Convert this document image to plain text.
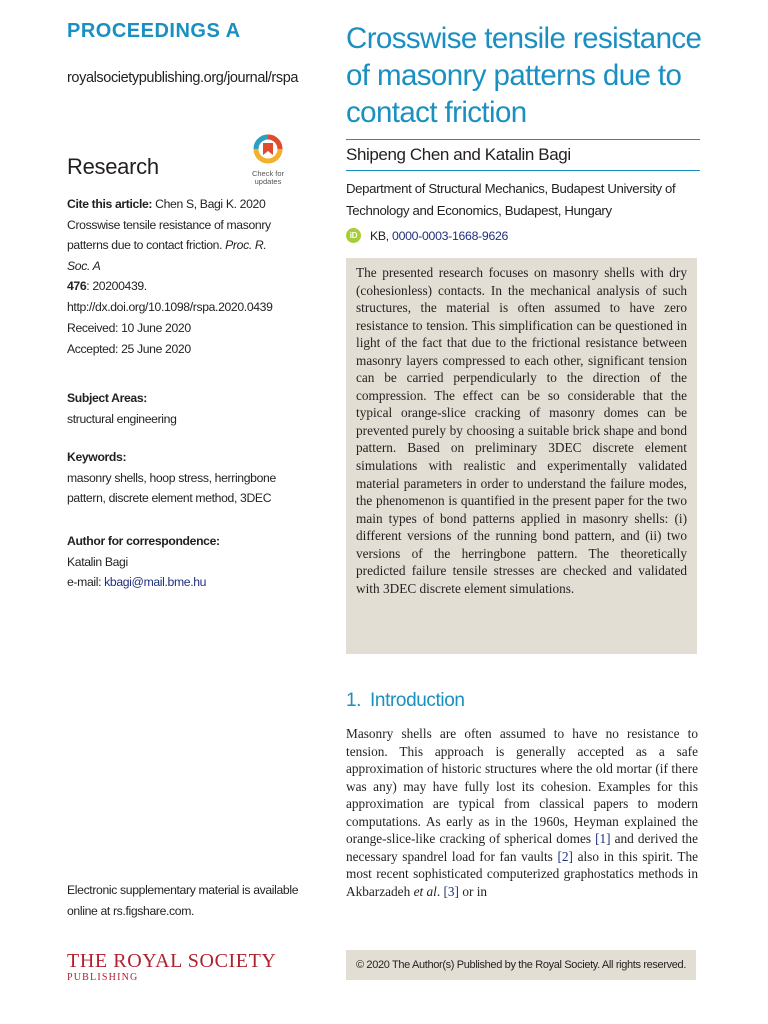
PROCEEDINGS A
royalsocietypublishing.org/journal/rspa
Research	Check for updates
Cite this article: Chen S, Bagi K. 2020 Crosswise tensile resistance of masonry patterns due to contact friction. Proc. R. Soc. A
476: 20200439.
http://dx.doi.org/10.1098/rspa.2020.0439
Received: 10 June 2020
Accepted: 25 June 2020
Subject Areas:
structural engineering
Keywords:
masonry shells, hoop stress, herringbone pattern, discrete element method, 3DEC
Author for correspondence:
Katalin Bagi
e-mail: kbagi@mail.bme.hu
Electronic supplementary material is available online at rs.figshare.com.
THE ROYAL SOCIETY
PUBLISHING
Crosswise tensile resistance of masonry patterns due to contact friction
Shipeng Chen and Katalin Bagi
Department of Structural Mechanics, Budapest University of Technology and Economics, Budapest, Hungary
iD	KB,
0000-0003-1668-9626
The presented research focuses on masonry shells with dry (cohesionless) contacts. In the mechanical analysis of such structures, the material is often assumed to have zero resistance to tension. This simplification can be questioned in light of the fact that due to the frictional resistance between masonry layers compressed to each other, significant tension can be carried perpendicularly to the direction of the compression. The effect can be so considerable that the typical orange-slice cracking of masonry domes can be prevented purely by choosing a suitable brick shape and bond pattern. Based on preliminary 3DEC discrete element simulations with realistic and experimentally validated material parameters in order to understand the failure modes, the phenomenon is quantified in the present paper for the two main types of bond patterns applied in masonry shells: (i) different versions of the running bond pattern, and (ii) two versions of the herringbone pattern. The theoretically predicted failure tensile stresses are checked and validated with 3DEC discrete element simulations.
1. Introduction
Masonry shells are often assumed to have no resistance to tension. This approach is generally accepted as a safe approximation of historic structures where the old mortar (if there was any) may have fully lost its cohesion. Examples for this approximation are typical from classical papers to modern computations. As early as in the 1960s, Heyman explained the orange-slice-like cracking of spherical domes [1] and derived the necessary spandrel load for fan vaults [2] also in this spirit. The most recent sophisticated computerized graphostatics methods in Akbarzadeh et al. [3] or in
© 2020 The Author(s) Published by the Royal Society. All rights reserved.
